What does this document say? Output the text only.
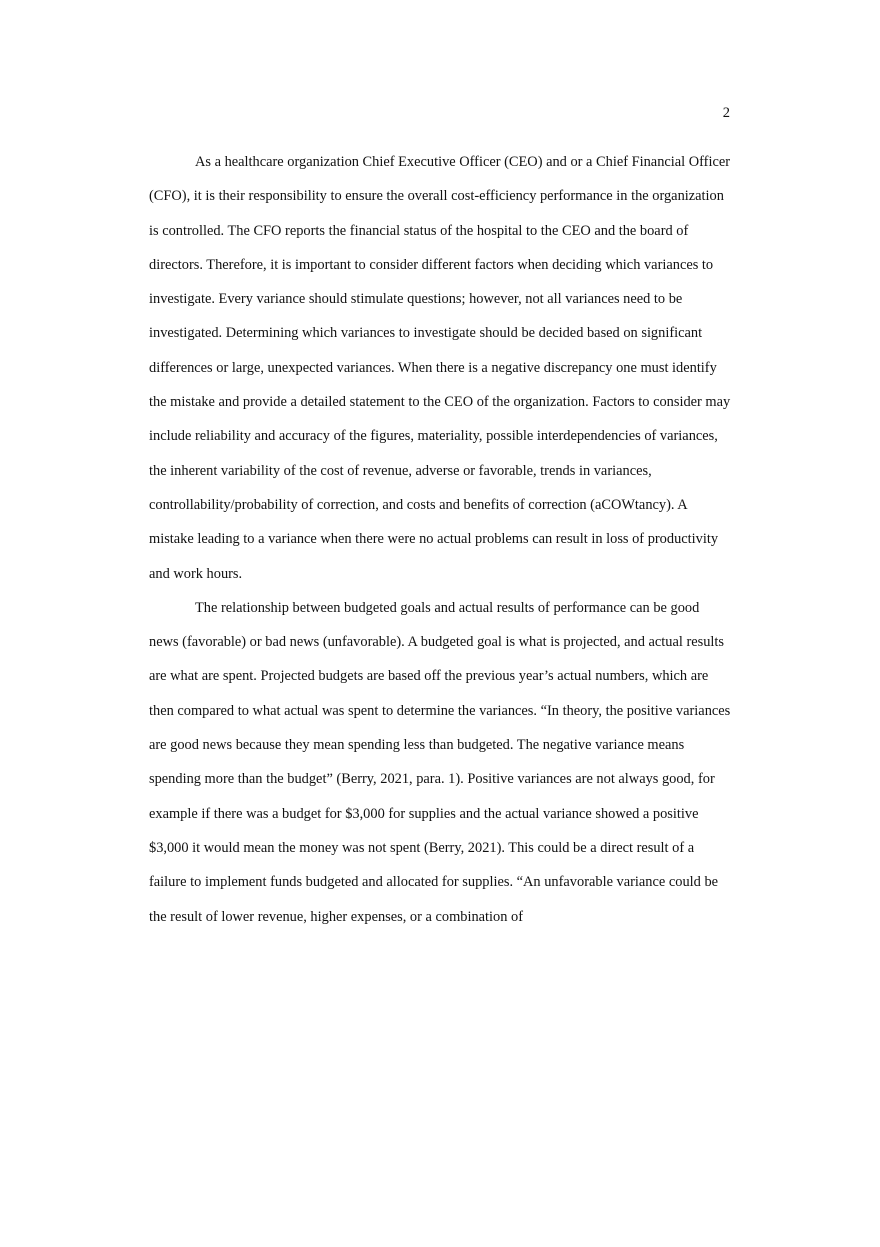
2

As a healthcare organization Chief Executive Officer (CEO) and or a Chief Financial Officer (CFO), it is their responsibility to ensure the overall cost-efficiency performance in the organization is controlled. The CFO reports the financial status of the hospital to the CEO and the board of directors. Therefore, it is important to consider different factors when deciding which variances to investigate. Every variance should stimulate questions; however, not all variances need to be investigated. Determining which variances to investigate should be decided based on significant differences or large, unexpected variances. When there is a negative discrepancy one must identify the mistake and provide a detailed statement to the CEO of the organization. Factors to consider may include reliability and accuracy of the figures, materiality, possible interdependencies of variances, the inherent variability of the cost of revenue, adverse or favorable, trends in variances, controllability/probability of correction, and costs and benefits of correction (aCOWtancy). A mistake leading to a variance when there were no actual problems can result in loss of productivity and work hours.

The relationship between budgeted goals and actual results of performance can be good news (favorable) or bad news (unfavorable). A budgeted goal is what is projected, and actual results are what are spent. Projected budgets are based off the previous year’s actual numbers, which are then compared to what actual was spent to determine the variances. “In theory, the positive variances are good news because they mean spending less than budgeted. The negative variance means spending more than the budget” (Berry, 2021, para. 1). Positive variances are not always good, for example if there was a budget for $3,000 for supplies and the actual variance showed a positive $3,000 it would mean the money was not spent (Berry, 2021). This could be a direct result of a failure to implement funds budgeted and allocated for supplies. “An unfavorable variance could be the result of lower revenue, higher expenses, or a combination of
